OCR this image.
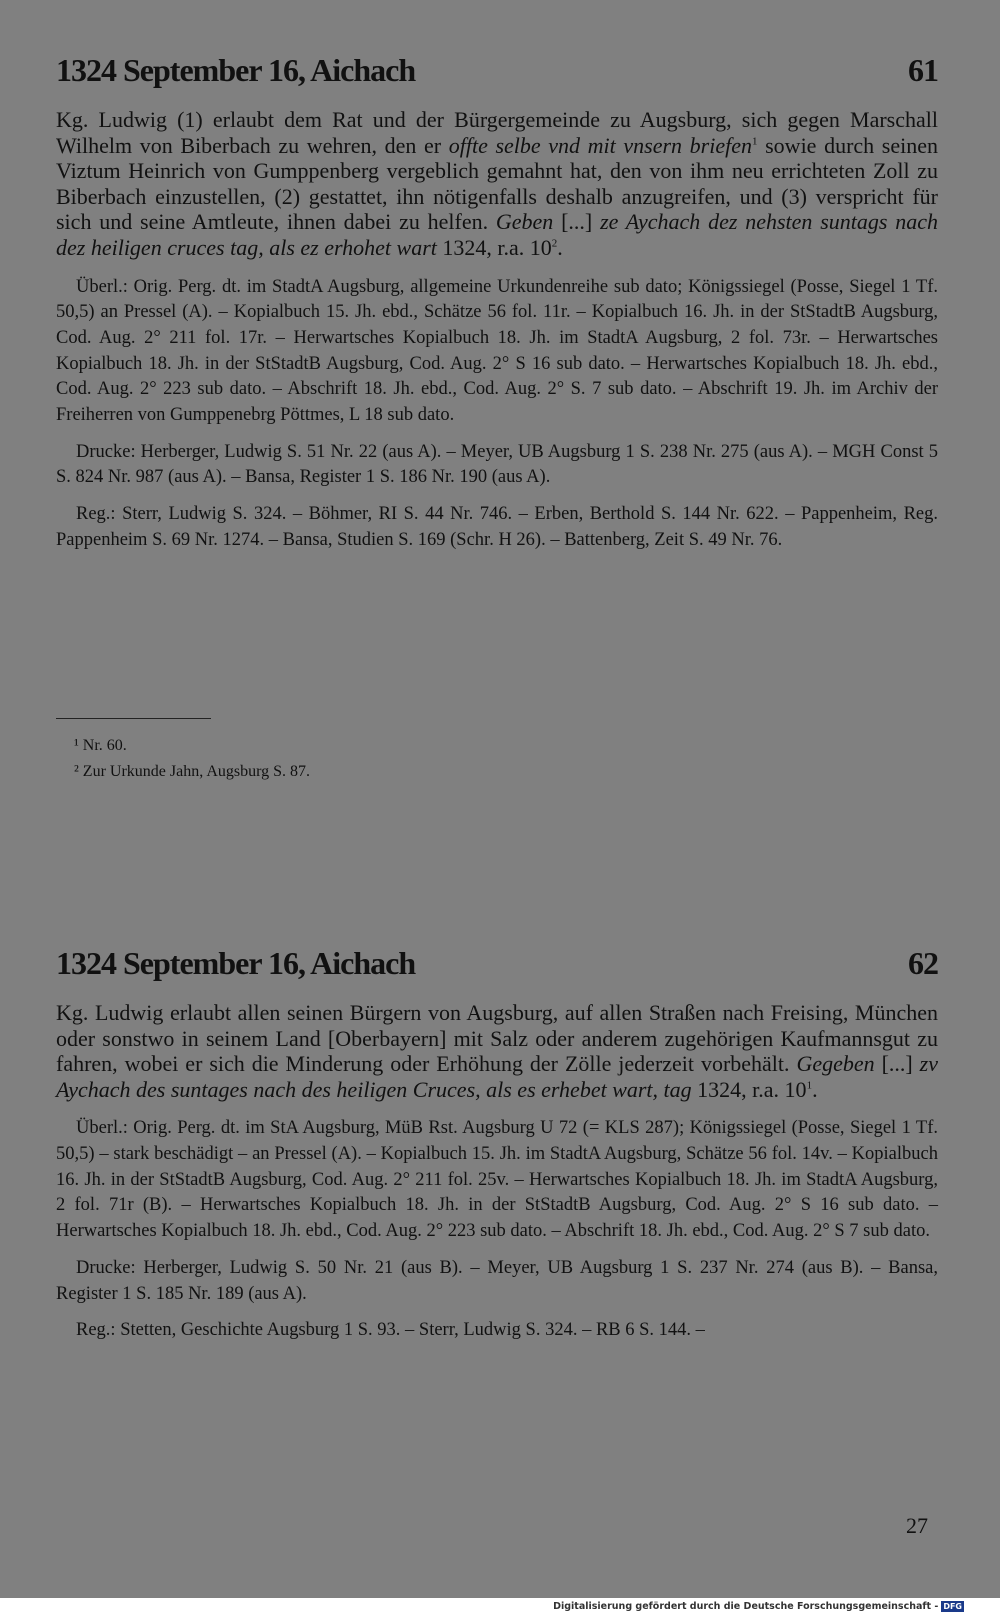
1324 September 16, Aichach	61
Kg. Ludwig (1) erlaubt dem Rat und der Bürgergemeinde zu Augsburg, sich gegen Marschall Wilhelm von Biberbach zu wehren, den er offte selbe vnd mit vnsern briefen$^1$ sowie durch seinen Viztum Heinrich von Gumppenberg vergeblich gemahnt hat, den von ihm neu errichteten Zoll zu Biberbach einzustellen, (2) gestattet, ihn nötigenfalls deshalb anzugreifen, und (3) verspricht für sich und seine Amtleute, ihnen dabei zu helfen. Geben [...] ze Aychach dez nehsten suntags nach dez heiligen cruces tag, als ez erhohet wart 1324, r.a. $10^2$.

Überl.: Orig. Perg. dt. im StadtA Augsburg, allgemeine Urkundenreihe sub dato; Königssiegel (Posse, Siegel 1 Tf. 50,5) an Pressel (A). – Kopialbuch 15. Jh. ebd., Schätze 56 fol. 11r. – Kopialbuch 16. Jh. in der StStadtB Augsburg, Cod. Aug. 2° 211 fol. 17r. – Herwartsches Kopialbuch 18. Jh. im StadtA Augsburg, 2 fol. 73r. – Herwartsches Kopialbuch 18. Jh. in der StStadtB Augsburg, Cod. Aug. 2° S 16 sub dato. – Herwartsches Kopialbuch 18. Jh. ebd., Cod. Aug. 2° 223 sub dato. – Abschrift 18. Jh. ebd., Cod. Aug. 2° S. 7 sub dato. – Abschrift 19. Jh. im Archiv der Freiherren von Gumppenebrg Pöttmes, L 18 sub dato.

Drucke: Herberger, Ludwig S. 51 Nr. 22 (aus A). – Meyer, UB Augsburg 1 S. 238 Nr. 275 (aus A). – MGH Const 5 S. 824 Nr. 987 (aus A). – Bansa, Register 1 S. 186 Nr. 190 (aus A).

Reg.: Sterr, Ludwig S. 324. – Böhmer, RI S. 44 Nr. 746. – Erben, Berthold S. 144 Nr. 622. – Pappenheim, Reg. Pappenheim S. 69 Nr. 1274. – Bansa, Studien S. 169 (Schr. H 26). – Battenberg, Zeit S. 49 Nr. 76.

¹ Nr. 60.
² Zur Urkunde Jahn, Augsburg S. 87.
1324 September 16, Aichach	62
Kg. Ludwig erlaubt allen seinen Bürgern von Augsburg, auf allen Straßen nach Freising, München oder sonstwo in seinem Land [Oberbayern] mit Salz oder anderem zugehörigen Kaufmannsgut zu fahren, wobei er sich die Minderung oder Erhöhung der Zölle jederzeit vorbehält. Gegeben [...] zv Aychach des suntages nach des heiligen Cruces, als es erhebet wart, tag 1324, r.a. $10^1$.

Überl.: Orig. Perg. dt. im StA Augsburg, MüB Rst. Augsburg U 72 (= KLS 287); Königssiegel (Posse, Siegel 1 Tf. 50,5) – stark beschädigt – an Pressel (A). – Kopialbuch 15. Jh. im StadtA Augsburg, Schätze 56 fol. 14v. – Kopialbuch 16. Jh. in der StStadtB Augsburg, Cod. Aug. 2° 211 fol. 25v. – Herwartsches Kopialbuch 18. Jh. im StadtA Augsburg, 2 fol. 71r (B). – Herwartsches Kopialbuch 18. Jh. in der StStadtB Augsburg, Cod. Aug. 2° S 16 sub dato. – Herwartsches Kopialbuch 18. Jh. ebd., Cod. Aug. 2° 223 sub dato. – Abschrift 18. Jh. ebd., Cod. Aug. 2° S 7 sub dato.

Drucke: Herberger, Ludwig S. 50 Nr. 21 (aus B). – Meyer, UB Augsburg 1 S. 237 Nr. 274 (aus B). – Bansa, Register 1 S. 185 Nr. 189 (aus A).

Reg.: Stetten, Geschichte Augsburg 1 S. 93. – Sterr, Ludwig S. 324. – RB 6 S. 144. –

27
Digitalisierung gefördert durch die Deutsche Forschungsgemeinschaft - DFG
